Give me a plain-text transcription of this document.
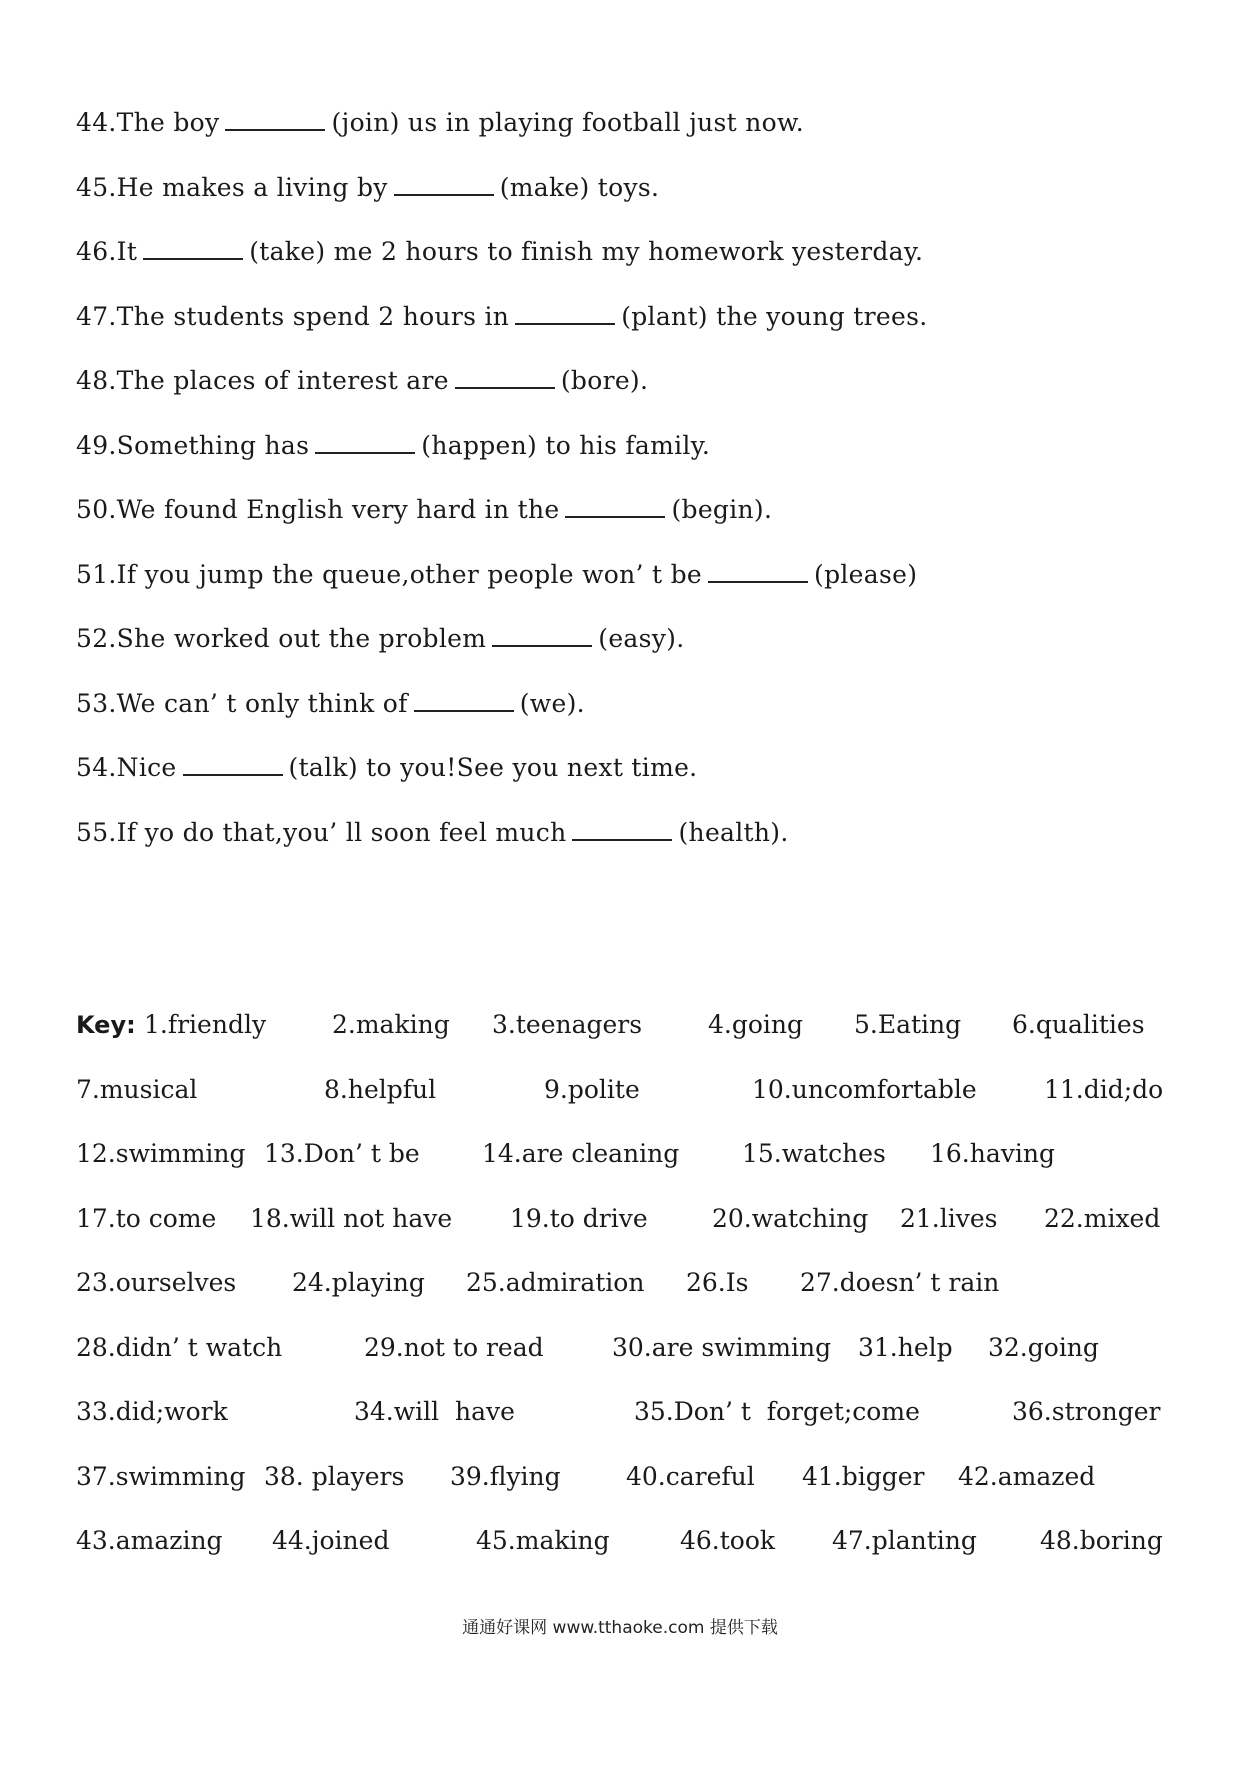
44.The boy	(join) us in playing football just now.
45.He makes a living by	(make) toys.
46.It	(take) me 2 hours to finish my homework yesterday.
47.The students spend 2 hours in	(plant) the young trees.
48.The places of interest are	(bore).
49.Something has	(happen) to his family.
50.We found English very hard in the	(begin).
51.If you jump the queue,other people won’ t be	(please)
52.She worked out the problem	(easy).
53.We can’ t only think of	(we).
54.Nice	(talk) to you!See you next time.
55.If yo do that,you’ ll soon feel much	(health).

Key:

1.friendly

	2.making

3.teenagers

	4.going

5.Eating

6.qualities

7.musical

	8.helpful

	9.polite

	10.uncomfortable

	11.did;do

12.swimming

13.Don’ t be

14.are cleaning

	15.watches

16.having

17.to come

18.will not have

19.to drive

	20.watching

21.lives

22.mixed

23.ourselves

24.playing

25.admiration

26.Is

27.doesn’ t rain

28.didn’ t watch

	29.not to read

	30.are swimming

31.help

32.going

33.did;work

	34.will  have

	35.Don’ t  forget;come

	36.stronger

37.swimming

38. players

39.flying

	40.careful

41.bigger

42.amazed

43.amazing

44.joined

	45.making

	46.took

47.planting

	48.boring

通通好课网 www.tthaoke.com 提供下载
